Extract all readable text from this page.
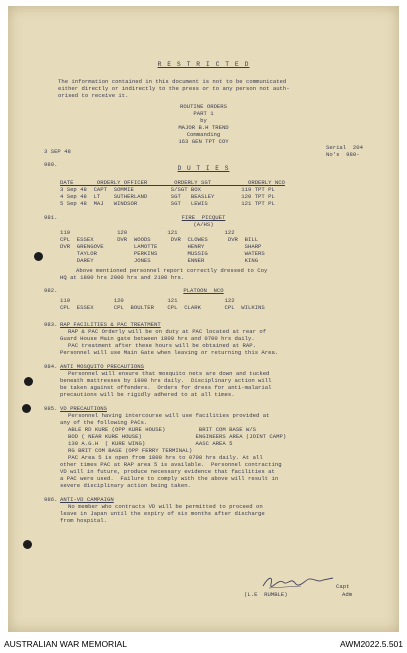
R E S T R I C T E D
The information contained in this document is not to be communicated
either directly or indirectly to the press or to any person not auth-
orised to receive it.
ROUTINE ORDERS
PART 1
by
MAJOR B.H TREND
Commanding
163 GEN TPT COY
3 SEP 48
Serial  204
No's  980-
980.
D U T I E S
DATE       ORDERLY OFFICER        ORDERLY SGT           ORDERLY NCO
3 Sep 48  CAPT  SOMMIE           S/SGT BOX            119 TPT PL
4 Sep 48  LT    SUTHERLAND       SGT   BEASLEY        120 TPT PL
5 Sep 48  MAJ   WINDSOR          SGT   LEWIS          121 TPT PL
981.	FIRE  PICQUET
(A/HS)
119              120            121              122
CPL  ESSEX       DVR  WOODS      DVR  CLOWES      DVR  BILL
DVR  GRENGOVE         LAMOTTE         HENRY            SHARP
TAYLOR           PERKINS         MUSSIG           WATERS
DAREY            JONES           ENNER            KING
Above mentioned personnel report correctly dressed to Coy
HQ at 1800 hrs 2000 hrs and 2100 hrs.
982.	PLATOON  NCO
119             120             121              122
CPL  ESSEX      CPL  BOULTER    CPL  CLARK       CPL  WILKINS
983. RAP FACILITIES & PAC TREATMENT
RAP & PAC Orderly will be on duty at PAC located at rear of
Guard House Main gate between 1800 hrs and 0700 hrs daily.
PAC treatment after these hours will be obtained at RAP.
Personnel will use Main Gate when leaving or returning this Area.
984. ANTI MOSQUITO PRECAUTIONS
Personnel will ensure that mosquito nets are down and tucked
beneath mattresses by 1900 hrs daily.  Disciplinary action will
be taken against offenders.  Orders for dress for anti-malarial
precautions will be rigidly adhered to at all times.
985. VD PRECAUTIONS
Personnel having intercourse will use facilities provided at
any of the following PACs.
ABLE RD KURE (OPP KURE HOUSE)          BRIT COM BASE W/S
BOD ( NEAR KURE HOUSE)                ENGINEERS AREA (JOINT CAMP)
130 A.G.H  ( KURE WING)               AASC AREA 5
RG BRIT COM BASE (OPP FERRY TERMINAL)
PAC Area 5 is open from 1800 hrs to 0700 hrs daily. At all
other times PAC at RAP area 5 is available.  Personnel contracting
VD will in future, produce necessary evidence that facilities at
a PAC were used.  Failure to comply with the above will result in
severe disciplinary action being taken.
986. ANTI-VD CAMPAIGN
No member who contracts VD will be permitted to proceed on
leave in Japan until the expiry of six months after discharge
from hospital.
Capt
(L.E  RUMBLE)	Adm
AUSTRALIAN WAR MEMORIAL	AWM2022.5.501
